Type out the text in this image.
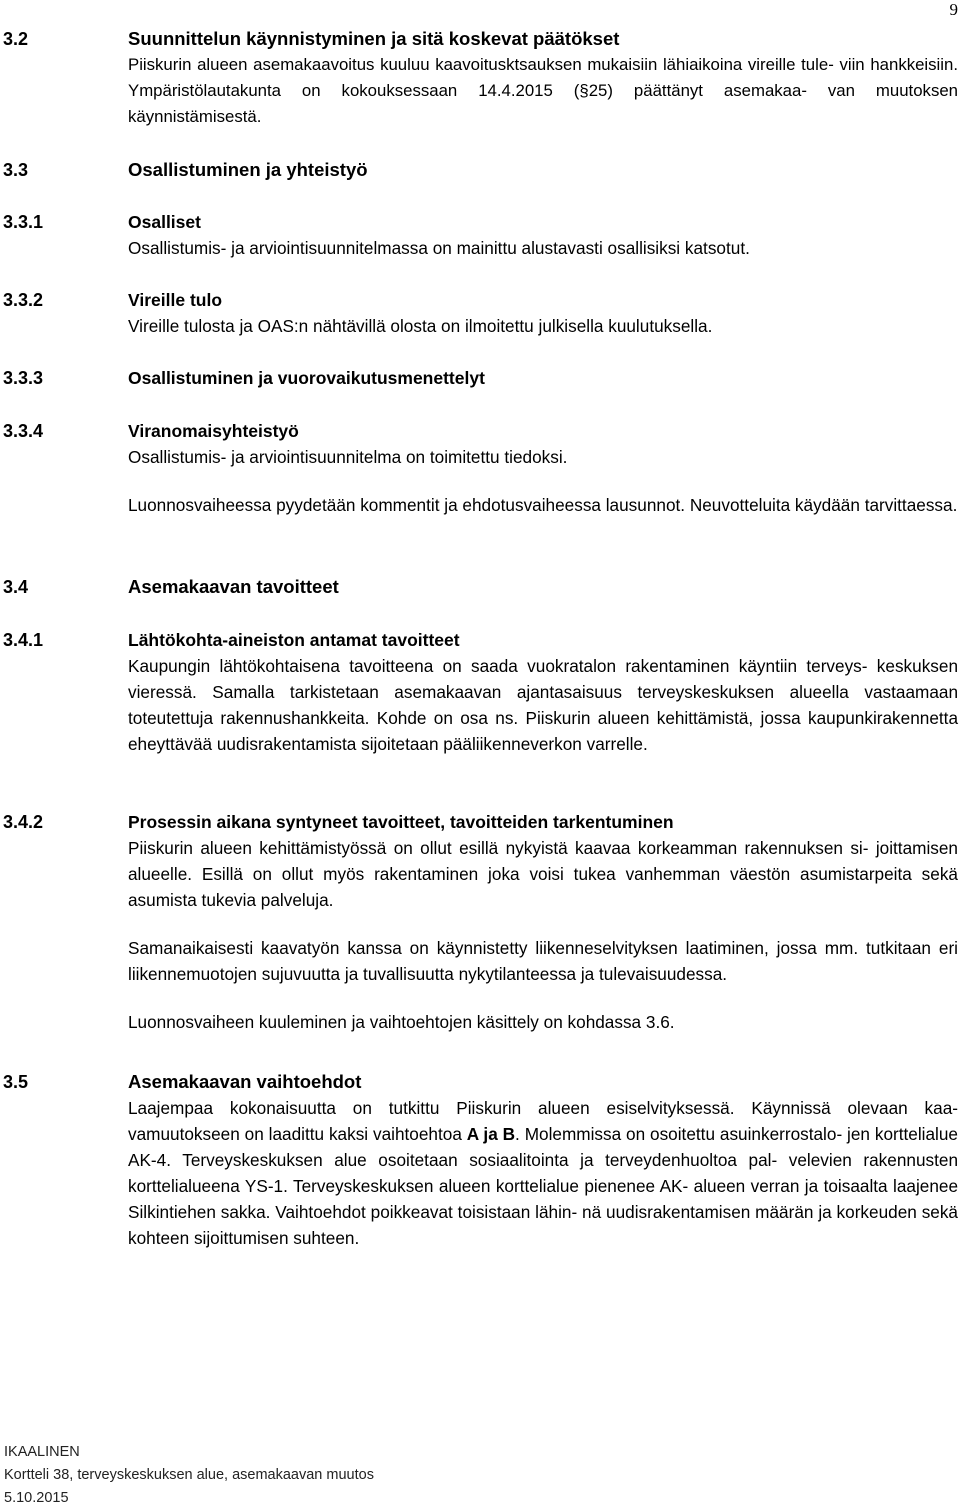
9
3.2	Suunnittelun käynnistyminen ja sitä koskevat päätökset

Piiskurin alueen asemakaavoitus kuuluu kaavoitusktsauksen mukaisiin lähiaikoina vireille tule- viin hankkeisiin. Ympäristölautakunta on kokouksessaan 14.4.2015 (§25) päättänyt asemakaa- van muutoksen käynnistämisestä.

3.3	Osallistuminen ja yhteistyö
3.3.1	Osalliset

Osallistumis- ja arviointisuunnitelmassa on mainittu alustavasti osallisiksi katsotut.

3.3.2	Vireille tulo

Vireille tulosta ja OAS:n nähtävillä olosta on ilmoitettu julkisella kuulutuksella.

3.3.3	Osallistuminen ja vuorovaikutusmenettelyt
3.3.4	Viranomaisyhteistyö

Osallistumis- ja arviointisuunnitelma on toimitettu tiedoksi.

Luonnosvaiheessa pyydetään kommentit ja ehdotusvaiheessa lausunnot. Neuvotteluita käydään tarvittaessa.

3.4	Asemakaavan tavoitteet
3.4.1	Lähtökohta-aineiston antamat tavoitteet

Kaupungin lähtökohtaisena tavoitteena on saada vuokratalon rakentaminen käyntiin terveys- keskuksen vieressä. Samalla tarkistetaan asemakaavan ajantasaisuus terveyskeskuksen alueella vastaamaan toteutettuja rakennushankkeita. Kohde on osa ns. Piiskurin alueen kehittämistä, jossa kaupunkirakennetta eheyttävää uudisrakentamista sijoitetaan pääliikenneverkon varrelle.

3.4.2	Prosessin aikana syntyneet tavoitteet, tavoitteiden tarkentuminen

Piiskurin alueen kehittämistyössä on ollut esillä nykyistä kaavaa korkeamman rakennuksen si- joittamisen alueelle. Esillä on ollut myös rakentaminen joka voisi tukea vanhemman väestön asumistarpeita sekä asumista tukevia palveluja.

Samanaikaisesti kaavatyön kanssa on käynnistetty liikenneselvityksen laatiminen, jossa mm. tutkitaan eri liikennemuotojen sujuvuutta ja tuvallisuutta nykytilanteessa ja tulevaisuudessa.

Luonnosvaiheen kuuleminen ja vaihtoehtojen käsittely on kohdassa 3.6.

3.5	Asemakaavan vaihtoehdot

Laajempaa kokonaisuutta on tutkittu Piiskurin alueen esiselvityksessä. Käynnissä olevaan kaa- vamuutokseen on laadittu kaksi vaihtoehtoa A ja B. Molemmissa on osoitettu asuinkerrostalo- jen korttelialue AK-4. Terveyskeskuksen alue osoitetaan sosiaalitointa ja terveydenhuoltoa pal- velevien rakennusten korttelialueena YS-1. Terveyskeskuksen alueen korttelialue pienenee AK- alueen verran ja toisaalta laajenee Silkintiehen sakka. Vaihtoehdot poikkeavat toisistaan lähin- nä uudisrakentamisen määrän ja korkeuden sekä kohteen sijoittumisen suhteen.

IKAALINEN
Kortteli 38, terveyskeskuksen alue, asemakaavan muutos
5.10.2015
